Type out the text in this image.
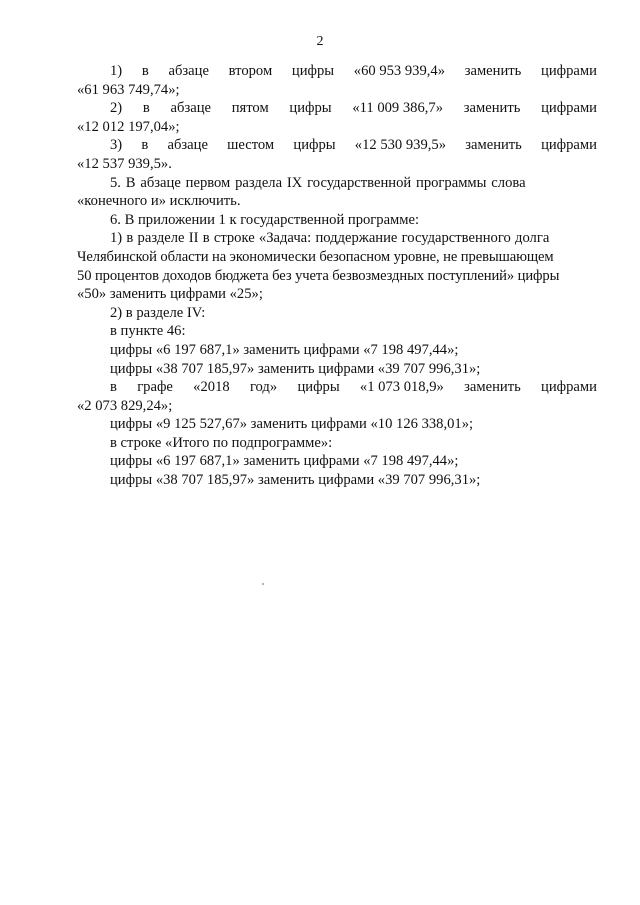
2
1) в абзаце втором цифры «60 953 939,4» заменить цифрами
«61 963 749,74»;
2) в абзаце пятом цифры «11 009 386,7» заменить цифрами
«12 012 197,04»;
3) в абзаце шестом цифры «12 530 939,5» заменить цифрами
«12 537 939,5».
5. В абзаце первом раздела IX государственной программы слова
«конечного и» исключить.
6. В приложении 1 к государственной программе:
1) в разделе II в строке «Задача: поддержание государственного долга
Челябинской области на экономически безопасном уровне, не превышающем
50 процентов доходов бюджета без учета безвозмездных поступлений» цифры
«50» заменить цифрами «25»;
2) в разделе IV:
в пункте 46:
цифры «6 197 687,1» заменить цифрами «7 198 497,44»;
цифры «38 707 185,97» заменить цифрами «39 707 996,31»;
в графе «2018 год» цифры «1 073 018,9» заменить цифрами
«2 073 829,24»;
цифры «9 125 527,67» заменить цифрами «10 126 338,01»;
в строке «Итого по подпрограмме»:
цифры «6 197 687,1» заменить цифрами «7 198 497,44»;
цифры «38 707 185,97» заменить цифрами «39 707 996,31»;
